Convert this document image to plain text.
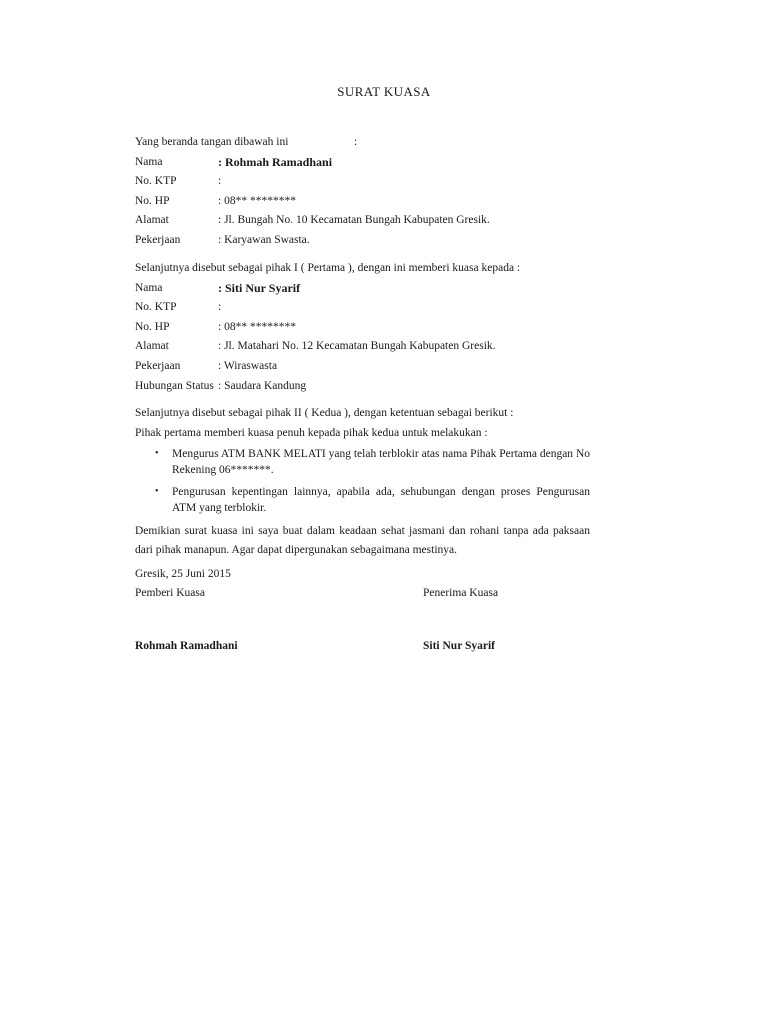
SURAT KUASA
Yang beranda tangan dibawah ini	:
Nama	: Rohmah Ramadhani
No. KTP	:
No. HP	: 08** ********
Alamat	: Jl. Bungah No. 10 Kecamatan Bungah Kabupaten Gresik.
Pekerjaan	: Karyawan Swasta.
Selanjutnya disebut sebagai pihak I ( Pertama ), dengan ini memberi kuasa kepada :
Nama	: Siti Nur Syarif
No. KTP	:
No. HP	: 08** ********
Alamat	: Jl. Matahari No. 12 Kecamatan Bungah Kabupaten Gresik.
Pekerjaan	: Wiraswasta
Hubungan Status : Saudara Kandung
Selanjutnya disebut sebagai pihak II ( Kedua ), dengan ketentuan sebagai berikut :
Pihak pertama memberi kuasa penuh kepada pihak kedua untuk melakukan :
• Mengurus ATM BANK MELATI yang telah terblokir atas nama Pihak Pertama dengan No Rekening 06*******.
• Pengurusan kepentingan lainnya, apabila ada, sehubungan dengan proses Pengurusan ATM yang terblokir.
Demikian surat kuasa ini saya buat dalam keadaan sehat jasmani dan rohani tanpa ada paksaan dari pihak manapun. Agar dapat dipergunakan sebagaimana mestinya.
Gresik, 25 Juni 2015
Pemberi Kuasa	Penerima Kuasa
Rohmah Ramadhani	Siti Nur Syarif
